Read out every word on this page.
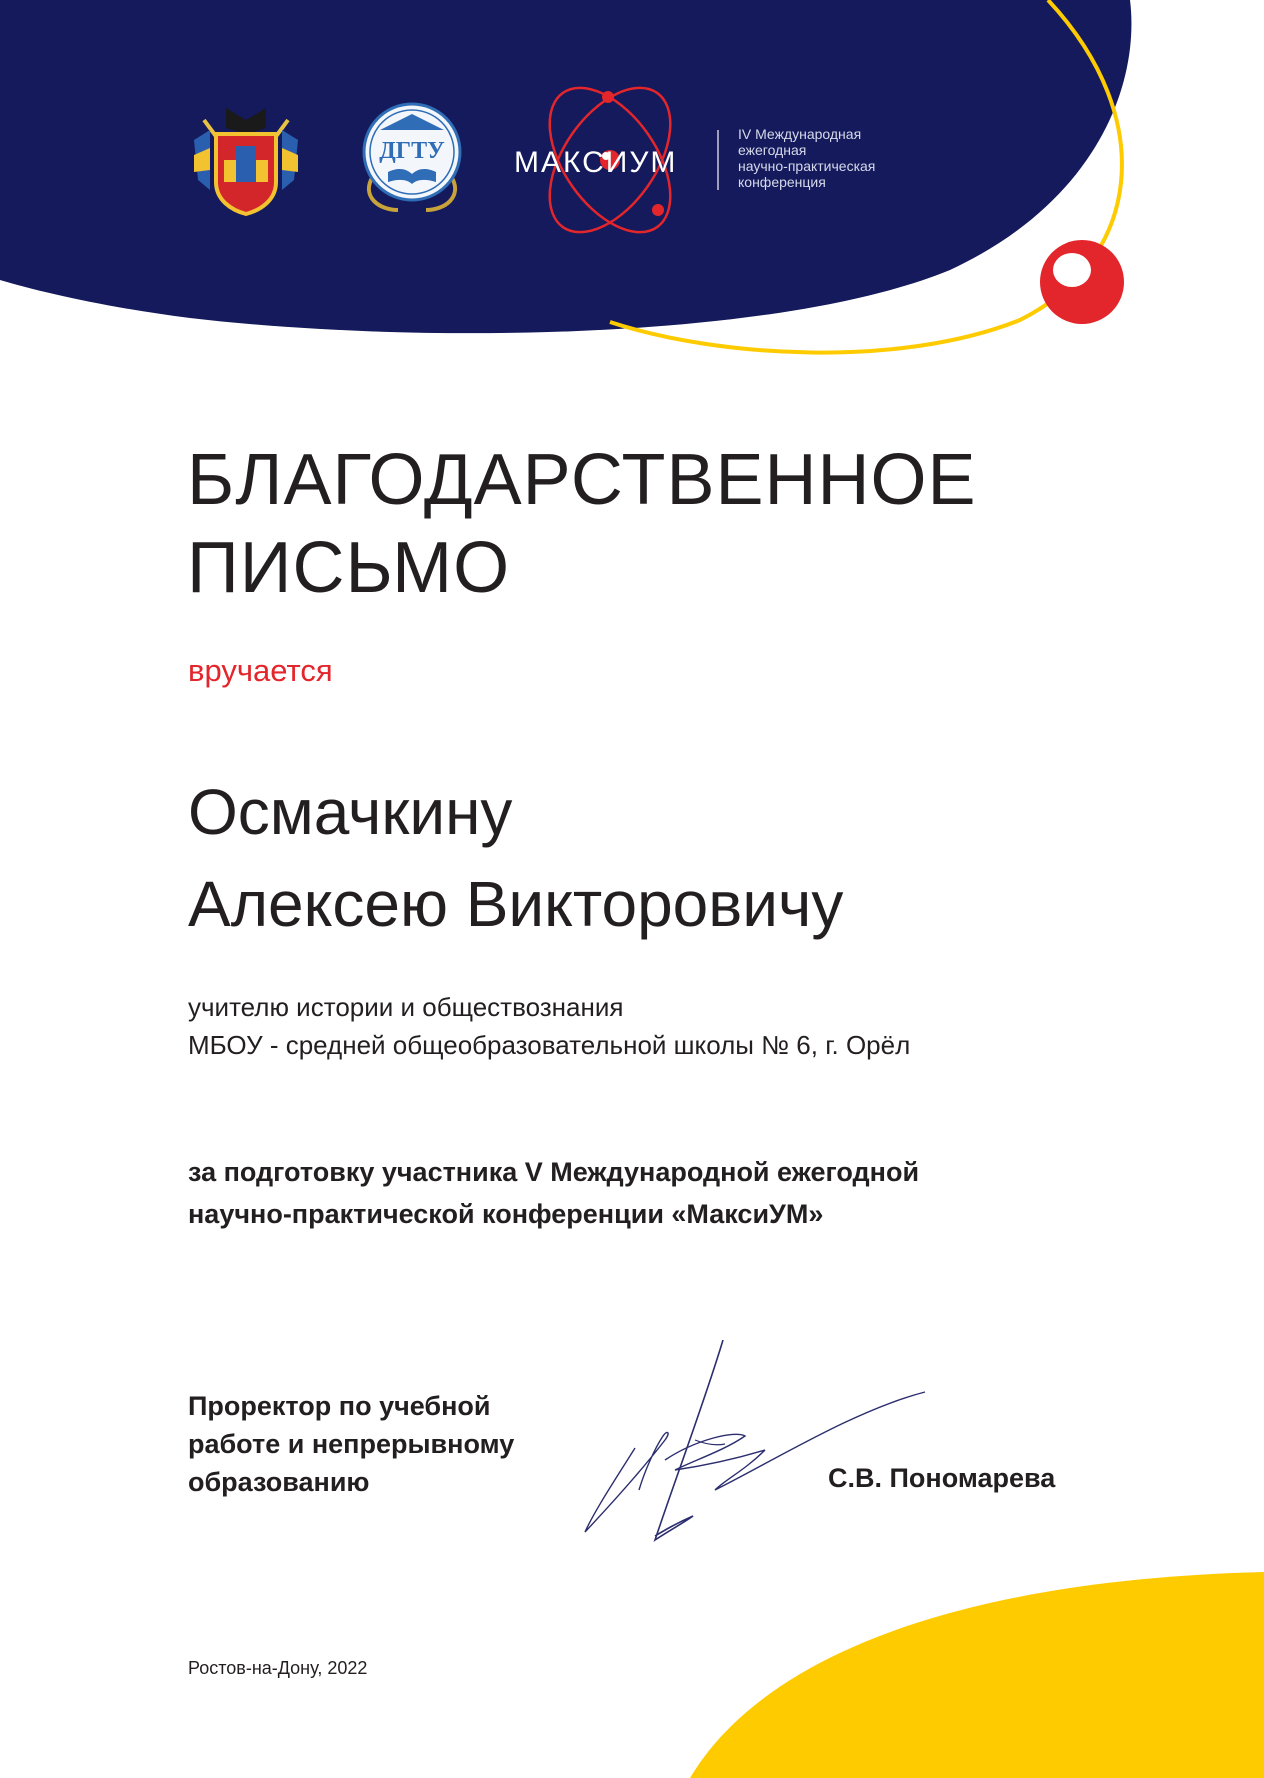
ДГТУ МАКСИУМ
IV Международная
ежегодная
научно-практическая
конференция
БЛАГОДАРСТВЕННОЕ
ПИСЬМО
вручается
Осмачкину
Алексею Викторовичу
учителю истории и обществознания
МБОУ - средней общеобразовательной школы № 6, г. Орёл
за подготовку участника V Международной ежегодной
научно-практической конференции «МаксиУМ»
Проректор по учебной
работе и непрерывному
образованию	С.В. Пономарева
Ростов-на-Дону, 2022
